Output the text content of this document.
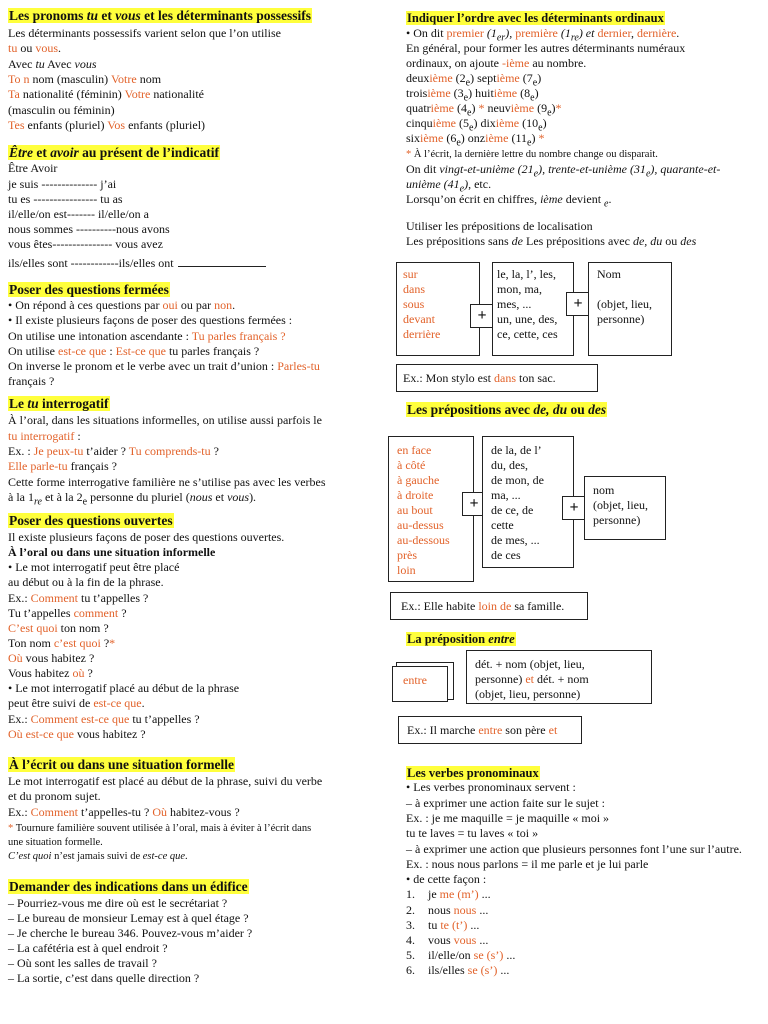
Les pronoms tu et vous et les déterminants possessifs
Les déterminants possessifs varient selon que l’on utilise
tu ou vous.
Avec tu Avec vous
To n nom (masculin) Votre nom
Ta nationalité (féminin) Votre nationalité
(masculin ou féminin)
Tes enfants (pluriel) Vos enfants (pluriel)
Être et avoir au présent de l’indicatif
Être Avoir
je suis -------------- j’ai
tu es ---------------- tu as
il/elle/on est------- il/elle/on a
nous sommes ----------nous avons
vous êtes--------------- vous avez
ils/elles sont ------------ils/elles ont
Poser des questions fermées
• On répond à ces questions par oui ou par non.
• Il existe plusieurs façons de poser des questions fermées :
On utilise une intonation ascendante : Tu parles français ?
On utilise est-ce que : Est-ce que tu parles français ?
On inverse le pronom et le verbe avec un trait d’union : Parles-tu
français ?
Le tu interrogatif
À l’oral, dans les situations informelles, on utilise aussi parfois le
tu interrogatif :
Ex. : Je peux-tu t’aider ? Tu comprends-tu ?
Elle parle-tu français ?
Cette forme interrogative familière ne s’utilise pas avec les verbes
à la $1_{re}$ et à la $2_e$ personne du pluriel (nous et vous).
Poser des questions ouvertes
Il existe plusieurs façons de poser des questions ouvertes.
À l’oral ou dans une situation informelle
• Le mot interrogatif peut être placé
au début ou à la fin de la phrase.
Ex.: Comment tu t’appelles ?
Tu t’appelles comment ?
C’est quoi ton nom ?
Ton nom c’est quoi ?*
Où vous habitez ?
Vous habitez où ?
• Le mot interrogatif placé au début de la phrase
peut être suivi de est-ce que.
Ex.: Comment est-ce que tu t’appelles ?
Où est-ce que vous habitez ?
À l’écrit ou dans une situation formelle
Le mot interrogatif est placé au début de la phrase, suivi du verbe
et du pronom sujet.
Ex.: Comment t’appelles-tu ? Où habitez-vous ?
* Tournure familière souvent utilisée à l’oral, mais à éviter à l’écrit dans
une situation formelle.
C’est quoi n’est jamais suivi de est-ce que.
Demander des indications dans un édifice
– Pourriez-vous me dire où est le secrétariat ?
– Le bureau de monsieur Lemay est à quel étage ?
– Je cherche le bureau 346. Pouvez-vous m’aider ?
– La cafétéria est à quel endroit ?
– Où sont les salles de travail ?
– La sortie, c’est dans quelle direction ?
Indiquer l’ordre avec les déterminants ordinaux
• On dit premier $(1_{er})$, première $(1_{re})$ et dernier, dernière.
En général, pour former les autres déterminants numéraux
ordinaux, on ajoute -ième au nombre.
deuxième $(2_e)$ septième $(7_e)$
troisième $(3_e)$ huitième $(8_e)$
quatrième $(4_e)$ * neuvième $(9_e)*$
cinquième $(5_e)$ dixième $(10_e)$
sixième $(6_e)$ onzième $(11_e)$ *
* À l’écrit, la dernière lettre du nombre change ou disparait.
On dit vingt-et-unième $(21_e)$, trente-et-unième $(31_e)$, quarante-et-
unième $(41_e)$, etc.
Lorsqu’on écrit en chiffres, ième devient $_e$.
Utiliser les prépositions de localisation
Les prépositions sans de Les prépositions avec de, du ou des
sur
dans
sous
devant
derrière
+
le, la, l’, les,
mon, ma,
mes, ...
un, une, des,
ce, cette, ces
+
Nom
(objet, lieu,
personne)
Ex.: Mon stylo est dans ton sac.
Les prépositions avec de, du ou des
en face
à côté
à gauche
à droite
au bout
au-dessus
au-dessous
près
loin
+
de la, de l’
du, des,
de mon, de
ma, ...
de ce, de
cette
de mes, ...
de ces
+
nom
(objet, lieu,
personne)
Ex.: Elle habite loin de sa famille.
La préposition entre
entre
dét. + nom (objet, lieu,
personne) et dét. + nom
(objet, lieu, personne)
Ex.: Il marche entre son père et
Les verbes pronominaux
• Les verbes pronominaux servent :
– à exprimer une action faite sur le sujet :
Ex. : je me maquille = je maquille « moi »
tu te laves = tu laves « toi »
– à exprimer une action que plusieurs personnes font l’une sur l’autre.
Ex. : nous nous parlons = il me parle et je lui parle
• de cette façon :
1. je me (m’) ...
2. nous nous ...
3. tu te (t’) ...
4. vous vous ...
5. il/elle/on se (s’) ...
6. ils/elles se (s’) ...
